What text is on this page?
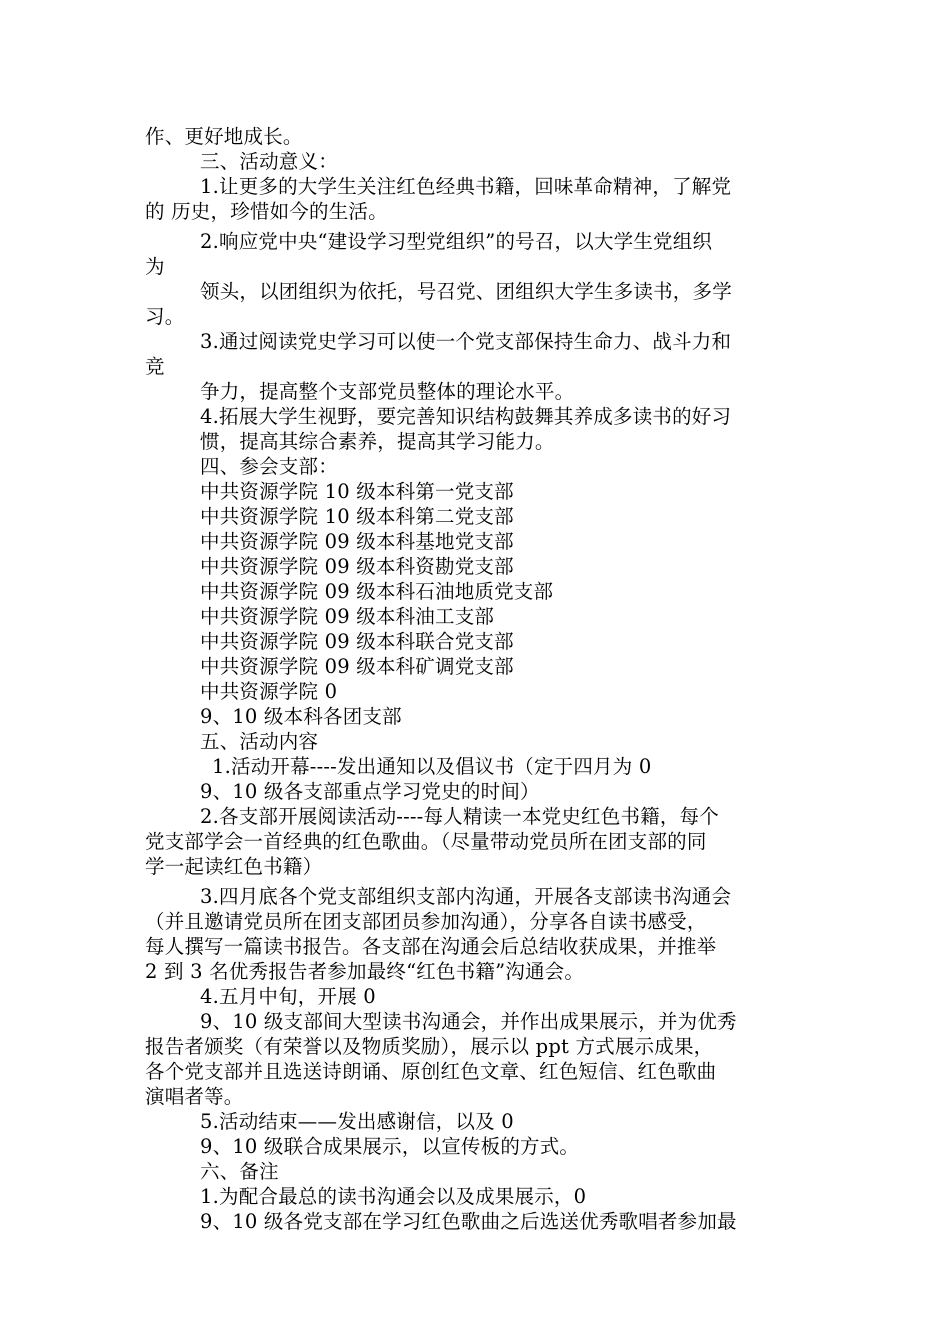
作、更好地成长。
三、活动意义：
1.让更多的大学生关注红色经典书籍，回味革命精神，了解党
的 历史，珍惜如今的生活。
2.响应党中央“建设学习型党组织”的号召，以大学生党组织
为
领头，以团组织为依托，号召党、团组织大学生多读书，多学
习。
3.通过阅读党史学习可以使一个党支部保持生命力、战斗力和
竞
争力，提高整个支部党员整体的理论水平。
4.拓展大学生视野，要完善知识结构鼓舞其养成多读书的好习
惯，提高其综合素养，提高其学习能力。
四、参会支部：
中共资源学院 10 级本科第一党支部
中共资源学院 10 级本科第二党支部
中共资源学院 09 级本科基地党支部
中共资源学院 09 级本科资勘党支部
中共资源学院 09 级本科石油地质党支部
中共资源学院 09 级本科油工支部
中共资源学院 09 级本科联合党支部
中共资源学院 09 级本科矿调党支部
中共资源学院 0
9、10 级本科各团支部
五、活动内容
1.活动开幕----发出通知以及倡议书（定于四月为 0
9、10 级各支部重点学习党史的时间）
2.各支部开展阅读活动----每人精读一本党史红色书籍，每个
党支部学会一首经典的红色歌曲。（尽量带动党员所在团支部的同
学一起读红色书籍）
3.四月底各个党支部组织支部内沟通，开展各支部读书沟通会
（并且邀请党员所在团支部团员参加沟通），分享各自读书感受，
每人撰写一篇读书报告。各支部在沟通会后总结收获成果，并推举
2 到 3 名优秀报告者参加最终“红色书籍”沟通会。
4.五月中旬，开展 0
9、10 级支部间大型读书沟通会，并作出成果展示，并为优秀
报告者颁奖（有荣誉以及物质奖励），展示以 ppt 方式展示成果，
各个党支部并且选送诗朗诵、原创红色文章、红色短信、红色歌曲
演唱者等。
5.活动结束——发出感谢信，以及 0
9、10 级联合成果展示，以宣传板的方式。
六、备注
1.为配合最总的读书沟通会以及成果展示，0
9、10 级各党支部在学习红色歌曲之后选送优秀歌唱者参加最
